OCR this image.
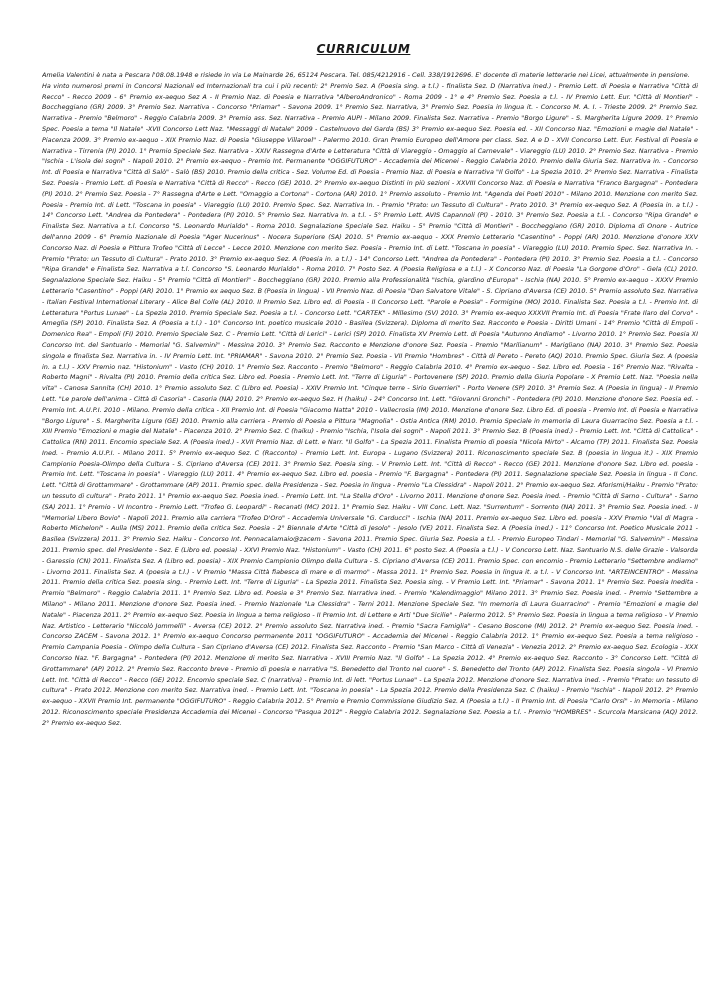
CURRICULUM

Amelia Valentini è nata a Pescara l'08.08.1948 e risiede in via Le Mainarde 26, 65124 Pescara. Tel. 085/4212916 - Cell. 338/1912696. E' docente di materie letterarie nei Licei, attualmente in pensione.

Ha vinto numerosi premi in Concorsi Nazionali ed Internazionali tra cui i più recenti: 2° Premio Sez. A (Poesia sing. a t.l.) - finalista Sez. D (Narrativa ined.) - Premio Lett. di Poesia e Narrativa "Città di Recco" - Recco 2009 - 6° Premio ex-aequo Sez A - II Premio Naz. di Poesia e Narrativa "AlberoAndronico" - Roma 2009 - 1° e 4° Premio Sez. Poesia a t.l. - IV Premio Lett. Eur. "Città di Montieri" - Boccheggiano (GR) 2009. 3° Premio Sez. Narrativa - Concorso "Priamar" - Savona 2009. 1° Premio Sez. Narrativa, 3° Premio Sez. Poesia in lingua it. - Concorso M. A. I. - Trieste 2009. 2° Premio Sez. Narrativa - Premio "Belmoro" - Reggio Calabria 2009. 3° Premio ass. Sez. Narrativa - Premio AUPI - Milano 2009. Finalista Sez. Narrativa - Premio "Borgo Ligure" - S. Margherita Ligure 2009. 1° Premio Spec. Poesia a tema "Il Natale" -XVII Concorso Lett Naz. "Messaggi di Natale" 2009 - Castelnuovo del Garda (BS) 3° Premio ex-aequo Sez. Poesia ed. - XII Concorso Naz. "Emozioni e magie del Natale" - Piacenza 2009. 3° Premio ex-aequo - XIX Premio Naz. di Poesia "Giuseppe Villaroel" - Palermo 2010. Gran Premio Europeo dell'Amore per class. Sez. A e D - XVII Concorso Lett. Eur. Festival di Poesia e Narrativa - Tirrenia (PI) 2010. 1° Premio Speciale Sez. Narrativa - XXIV Rassegna d'Arte e Letteratura "Città di Viareggio - Omaggio al Carnevale" - Viareggio (LU) 2010. 2° Premio Sez. Narrativa - Premio "Ischia - L'isola dei sogni" - Napoli 2010. 2° Premio ex-aequo - Premio Int. Permanente "OGGIFUTURO" - Accademia dei Micenei - Reggio Calabria 2010. Premio della Giuria Sez. Narrativa in. - Concorso Int. di Poesia e Narrativa "Città di Salò" - Salò (BS) 2010. Premio della critica - Sez. Volume Ed. di Poesia - Premio Naz. di Poesia e Narrativa "Il Golfo" - La Spezia 2010. 2° Premio Sez. Narrativa - Finalista Sez. Poesia - Premio Lett. di Poesia e Narrativa "Città di Recco" - Recco (GE) 2010. 2° Premio ex-aequo Distinti in più sezioni - XXVIII Concorso Naz. di Poesia e Narrativa "Franco Bargagna" - Pontedera (PI) 2010. 2° Premio Sez. Poesia - 7° Rassegna d'Arte e Lett. "Omaggio a Cortona" - Cortona (AR) 2010. 1° Premio assoluto - Premio Int. "Agenda dei Poeti 2010" - Milano 2010. Menzione con merito Sez. Poesia - Premio Int. di Lett. "Toscana in poesia" - Viareggio (LU) 2010. Premio Spec. Sez. Narrativa In. - Premio "Prato: un Tessuto di Cultura" - Prato 2010. 3° Premio ex-aequo Sez. A (Poesia in. a t.l.) - 14° Concorso Lett. "Andrea da Pontedera" - Pontedera (PI) 2010. 5° Premio Sez. Narrativa In. a t.l. - 5° Premio Lett. AVIS Capannoli (PI) - 2010. 3° Premio Sez. Poesia a t.l. - Concorso "Ripa Grande" e Finalista Sez. Narrativa a t.l. Concorso "S. Leonardo Murialdo" - Roma 2010. Segnalazione Speciale Sez. Haiku - 5° Premio "Città di Montieri" - Boccheggiano (GR) 2010. Diploma di Onore - Autrice dell'anno 2009 - 6° Premio Nazionale di Poesia "Ager Nucerinus" - Nocera Superiore (SA) 2010. 5° Premio ex-aequo - XXX Premio Letterario "Casentino" - Poppi (AR) 2010. Menzione d'onore XXV Concorso Naz. di Poesia e Pittura Trofeo "Città di Lecce" - Lecce 2010. Menzione con merito Sez. Poesia - Premio Int. di Lett. "Toscana in poesia" - Viareggio (LU) 2010. Premio Spec. Sez. Narrativa In. - Premio "Prato: un Tessuto di Cultura" - Prato 2010. 3° Premio ex-aequo Sez. A (Poesia in. a t.l.) - 14° Concorso Lett. "Andrea da Pontedera" - Pontedera (PI) 2010. 3° Premio Sez. Poesia a t.l. - Concorso "Ripa Grande" e Finalista Sez. Narrativa a t.l. Concorso "S. Leonardo Murialdo" - Roma 2010. 7° Posto Sez. A (Poesia Religiosa e a t.l.) - X Concorso Naz. di Poesia "La Gorgone d'Oro" - Gela (CL) 2010. Segnalazione Speciale Sez. Haiku - 5° Premio "Città di Montieri" - Boccheggiano (GR) 2010. Premio alla Professionalità "Ischia, giardino d'Europa" - Ischia (NA) 2010. 5° Premio ex-aequo - XXXV Premio Letterario "Casentino" - Poppi (AR) 2010. 1° Premio ex aequo Sez. B (Poesia in lingua) - VII Premio Naz. di Poesia "Dan Salvatore Vitale" - S. Cipriano d'Aversa (CE) 2010. 5° Premio assoluto Sez. Narrativa - Italian Festival International Literary - Alice Bel Colle (AL) 2010. II Premio Sez. Libro ed. di Poesia - II Concorso Lett. "Parole e Poesia" - Formigine (MO) 2010. Finalista Sez. Poesia a t.l. - Premio Int. di Letteratura "Portus Lunae" - La Spezia 2010. Premio Speciale Sez. Poesia a t.l. - Concorso Lett. "CARTEK" - Millesimo (SV) 2010. 3° Premio ex-aequo XXXVII Premio Int. di Poesia "Frate Ilaro del Corvo" - Ameglia (SP) 2010. Finalista Sez. A (Poesia a t.l.) - 10° Concorso Int. poetico musicale 2010 - Basilea (Svizzera). Diploma di merito Sez. Racconto e Poesia - Diritti Umani - 14° Premio "Città di Empoli - Domenico Rea" - Empoli (FI) 2010. Premio Speciale Sez. C - Premio Lett. "Città di Lerici" - Lerici (SP) 2010. Finalista XV Premio Lett. di Poesia "Autunno Andiamo" - Livorno 2010. 1° Premio Sez. Poesia XI Concorso Int. del Santuario - Memorial "G. Salvemini" - Messina 2010. 3° Premio Sez. Racconto e Menzione d'onore Sez. Poesia - Premio "Marilianum" - Marigliano (NA) 2010. 3° Premio Sez. Poesia singola e finalista Sez. Narrativa in. - IV Premio Lett. Int. "PRIAMAR" - Savona 2010. 2° Premio Sez. Poesia - VII Premio "Hombres" - Città di Pereto - Pereto (AQ) 2010. Premio Spec. Giuria Sez. A (poesia in. a t.l.) - XXV Premio naz. "Histonium" - Vasto (CH) 2010. 1° Premio Sez. Racconto - Premio "Belmoro" - Reggio Calabria 2010. 4° Premio ex-aequo - Sez. Libro ed. Poesia - 16° Premio Naz. "Rivalta - Roberto Magni" - Rivalta (PI) 2010. Premio della critica Sez. Libro ed. Poesia - Premio Lett. Int. "Terre di Liguria" - Portovenere (SP) 2010. Premio della Giuria Popolare - X Premio Lett. Naz. "Poesia nella vita" - Canosa Sannita (CH) 2010. 1° Premio assoluto Sez. C (Libro ed. Poesia) - XXIV Premio Int. "Cinque terre - Sirio Guerrieri" - Porto Venere (SP) 2010. 3° Premio Sez. A (Poesia in lingua) - II Premio Lett. "Le parole dell'anima - Città di Casoria" - Casoria (NA) 2010. 2° Premio ex-aequo Sez. H (haiku) - 24° Concorso Int. Lett. "Giovanni Gronchi" - Pontedera (PI) 2010. Menzione d'onore Sez. Poesia ed. - Premio Int. A.U.P.I. 2010 - Milano. Premio della critica - XII Premio Int. di Poesia "Giacomo Natta" 2010 - Vallecrosia (IM) 2010. Menzione d'onore Sez. Libro Ed. di poesia - Premio Int. di Poesia e Narrativa "Borgo Ligure" - S. Margherita Ligure (GE) 2010. Premio alla carriera - Premio di Poesia e Pittura "Magnolia" - Ostia Antica (RM) 2010. Premio Speciale in memoria di Laura Guarracino Sez. Poesia a t.l. - XIII Premio "Emozioni e magie del Natale" - Piacenza 2010. 2° Premio Sez. C (haiku) - Premio "Ischia, l'Isola dei sogni" - Napoli 2011. 3° Premio Sez. B (Poesia ined.) - Premio Lett. Int. "Città di Cattolica" - Cattolica (RN) 2011. Encomio speciale Sez. A (Poesia ined.) - XVII Premio Naz. di Lett. e Narr. "Il Golfo" - La Spezia 2011. Finalista Premio di poesia "Nicola Mirto" - Alcamo (TP) 2011. Finalista Sez. Poesia Ined. - Premio A.U.P.I. - Milano 2011. 5° Premio ex-aequo Sez. C (Racconto) - Premio Lett. Int. Europa - Lugano (Svizzera) 2011. Riconoscimento speciale Sez. B (poesia in lingua it.) - XIX Premio Campionio Poesia-Olimpo della Cultura - S. Cipriano d'Aversa (CE) 2011. 3° Premio Sez. Poesia sing. - V Premio Lett. Int. "Città di Recco" - Recco (GE) 2011. Menzione d'onore Sez. Libro ed. poesia - Premio Int. Lett. "Toscana in poesia" - Viareggio (LU) 2011. 4° Premio ex-aequo Sez. Libro ed. poesia - Premio "F. Bargagna" - Pontedera (PI) 2011. Segnalazione speciale Sez. Poesia in lingua - II Conc. Lett. "Città di Grottammare" - Grottammare (AP) 2011. Premio spec. della Presidenza - Sez. Poesia in lingua - Premio "La Clessidra" - Napoli 2011. 2° Premio ex-aequo Sez. Aforismi/Haiku - Premio "Prato: un tessuto di cultura" - Prato 2011. 1° Premio ex-aequo Sez. Poesia ined. - Premio Lett. Int. "La Stella d'Oro" - Livorno 2011. Menzione d'onore Sez. Poesia ined. - Premio "Città di Sarno - Cultura" - Sarno (SA) 2011. 1° Premio - VI Incontro - Premio Lett. "Trofeo G. Leopardi" - Recanati (MC) 2011. 1° Premio Sez. Haiku - VIII Conc. Lett. Naz. "Surrentum" - Sorrento (NA) 2011. 3° Premio Sez. Poesia ined. - II "Memorial Libero Bovio" - Napoli 2011. Premio alla carriera "Trofeo D'Oro" - Accademia Universale "G. Carducci" - Ischia (NA) 2011. Premio ex-aequo Sez. Libro ed. poesia - XXV Premio "Val di Magra - Roberto Micheloni" - Aulla (MS) 2011. Premio della critica Sez. Poesia - 2° Biennale d'Arte "Città di Jesolo" - Jesolo (VE) 2011. Finalista Sez. A (Poesia ined.) - 11° Concorso Int. Poetico Musicale 2011 - Basilea (Svizzera) 2011. 3° Premio Sez. Haiku - Concorso Int. Pennacalamaio@zacem - Savona 2011. Premio Spec. Giuria Sez. Poesia a t.l. - Premio Europeo Tindari - Memorial "G. Salvemini" - Messina 2011. Premio spec. del Presidente - Sez. E (Libro ed. poesia) - XXVI Premio Naz. "Histonium" - Vasto (CH) 2011. 6° posto Sez. A (Poesia a t.l.) - V Concorso Lett. Naz. Santuario N.S. delle Grazie - Valsorda - Garessio (CN) 2011. Finalista Sez. A (Libro ed. poesia) - XIX Premio Campionio Olimpo della Cultura - S. Cipriano d'Aversa (CE) 2011. Premio Spec. con encomio - Premio Letterario "Settembre andiamo" - Livorno 2011. Finalista Sez. A (poesia a t.l.) - V Premio "Massa Città fiabesca di mare e di marmo" - Massa 2011. 1° Premio Sez. Poesia in lingua it. a t.l. - V Concorso Int. "ARTEINCENTRO" - Messina 2011. Premio della critica Sez. poesia sing. - Premio Lett. Int. "Terre di Liguria" - La Spezia 2011. Finalista Sez. Poesia sing. - V Premio Lett. Int. "Priamar" - Savona 2011. 1° Premio Sez. Poesia Inedita - Premio "Belmoro" - Reggio Calabria 2011. 1° Premio Sez. Libro ed. Poesia e 3° Premio Sez. Narrativa ined. - Premio "Kalendimaggio" Milano 2011. 3° Premio Sez. Poesia ined. - Premio "Settembre a Milano" - Milano 2011. Menzione d'onore Sez. Poesia ined. - Premio Nazionale "La Clessidra" - Terni 2011. Menzione Speciale Sez. "In memoria di Laura Guarracino" - Premio "Emozioni e magie del Natale" - Piacenza 2011. 2° Premio ex-aequo Sez. Poesia in lingua a tema religioso - II Premio Int. di Lettere e Arti "Due Sicilie" - Palermo 2012. 5° Premio Sez. Poesia in lingua a tema religioso - V Premio Naz. Artistico - Letterario "Niccolò Jommelli" - Aversa (CE) 2012. 2° Premio assoluto Sez. Narrativa ined. - Premio "Sacra Famiglia" - Cesano Boscone (MI) 2012. 2° Premio ex-aequo Sez. Poesia ined. - Concorso ZACEM - Savona 2012. 1° Premio ex-aequo Concorso permanente 2011 "OGGIFUTURO" - Accademia dei Micenei - Reggio Calabria 2012. 1° Premio ex-aequo Sez. Poesia a tema religioso - Premio Campania Poesia - Olimpo della Cultura - San Cipriano d'Aversa (CE) 2012. Finalista Sez. Racconto - Premio "San Marco - Città di Venezia" - Venezia 2012. 2° Premio ex-aequo Sez. Ecologia - XXX Concorso Naz. "F. Bargagna" - Pontedera (PI) 2012. Menzione di merito Sez. Narrativa - XVIII Premio Naz. "Il Golfo" - La Spezia 2012. 4° Premio ex-aequo Sez. Racconto - 3° Concorso Lett. "Città di Grottammare" (AP) 2012. 2° Premio Sez. Racconto breve - Premio di poesia e narrativa "S. Benedetto del Tronto nel cuore" - S. Benedetto del Tronto (AP) 2012. Finalista Sez. Poesia singola - VI Premio Lett. Int. "Città di Recco" - Recco (GE) 2012. Encomio speciale Sez. C (narrativa) - Premio Int. di lett. "Portus Lunae" - La Spezia 2012. Menzione d'onore Sez. Narrativa ined. - Premio "Prato: un tessuto di cultura" - Prato 2012. Menzione con merito Sez. Narrativa ined. - Premio Lett. Int. "Toscana in poesia" - La Spezia 2012. Premio della Presidenza Sez. C (haiku) - Premio "Ischia" - Napoli 2012. 2° Premio ex-aequo - XXVII Premio Int. permanente "OGGIFUTURO" - Reggio Calabria 2012. 5° Premio e Premio Commissione Giudizio Sez. A (Poesia a t.l.) - II Premio Int. di Poesia "Carlo Orsi" - in Memoria - Milano 2012. Riconoscimento speciale Presidenza Accademia dei Micenei - Concorso "Pasqua 2012" - Reggio Calabria 2012. Segnalazione Sez. Poesia a t.l. - Premio "HOMBRES" - Scurcola Marsicana (AQ) 2012. 2° Premio ex-aequo Sez.
